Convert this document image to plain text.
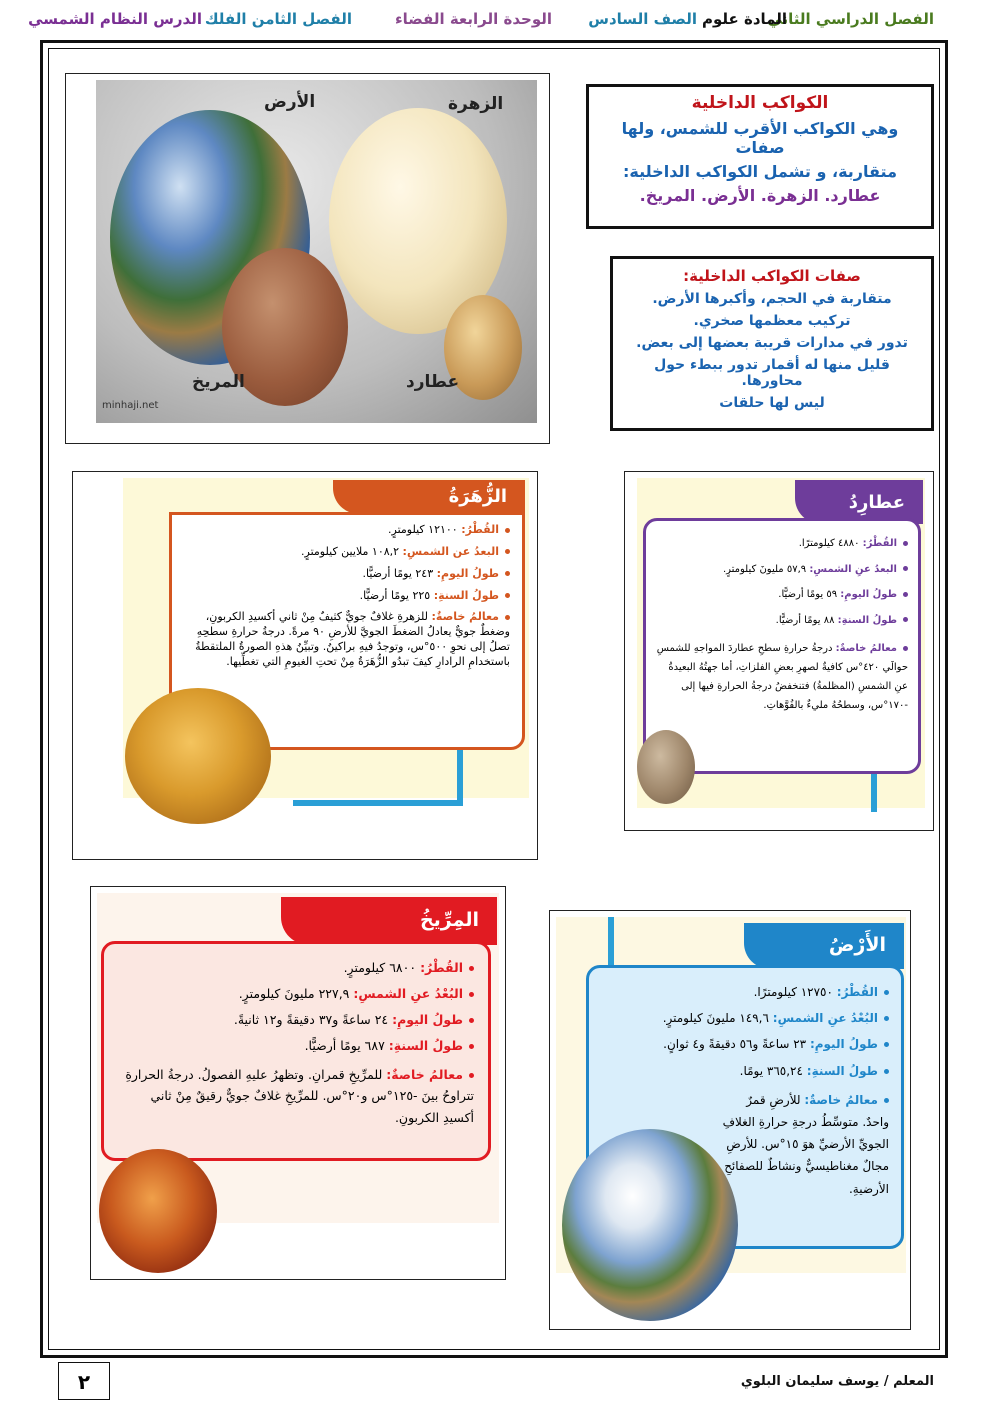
الفصل الدراسي الثاني
المادة علوم
الصف السادس
الوحدة الرابعة الفضاء
الفصل الثامن الفلك
الدرس النظام الشمسي
الكواكب الداخلية
وهي الكواكب الأقرب للشمس، ولها صفات
متقاربة، و تشمل الكواكب الداخلية:
عطارد. الزهرة. الأرض. المريخ.
صفات الكواكب الداخلية:
متقاربة في الحجم، وأكبرها الأرض.
تركيب معظمها صخري.
تدور في مدارات قريبة بعضها إلى بعض.
قليل منها له أقمار تدور ببطء حول محاورها.
ليس لها حلقات
الأرض	الزهرة
المريخ	عطارد
minhaji.net
الزُّهَرَةُ
القُطْرُ: ١٢١٠٠ كيلومترٍ.
البعدُ عن الشمسِ: ١٠٨,٢ ملايين كيلومترٍ.
طولُ اليومِ: ٢٤٣ يومًا أرضيًّا.
طولُ السنةِ: ٢٢٥ يومًا أرضيًّا.
معالمُ خاصةٌ: للزهرةِ غلافٌ جويٌّ كثيفٌ مِنْ ثاني أكسيدِ الكربونِ، وضغطٌ جويٌّ يعادلُ الضغطَ الجويَّ للأرضِ ٩٠ مرةً. درجةُ حرارةِ سطحِهِ تصلُ إلى نحوِ ٥٠٠°س، وتوجدُ فيهِ براكينُ. وتبيِّنُ هذهِ الصورةُ الملتقطةُ باستخدامِ الرادارِ كيفَ تبدُو الزُّهَرَةُ مِنْ تحتِ الغيومِ التي تغطِّيها.
عطارِدُ
القُطْرُ: ٤٨٨٠ كيلومترًا.
البعدُ عنِ الشمسِ: ٥٧,٩ مليونَ كيلومترٍ.
طولُ اليومِ: ٥٩ يومًا أرضيًّا.
طولُ السنةِ: ٨٨ يومًا أرضيًّا.
معالمُ خاصةٌ: درجةُ حرارةِ سطحِ عطاردَ المواجهِ للشمسِ حوالَي ٤٢٠°س كافيةٌ لصهرِ بعضِ الفلزاتِ، أما جهتُهُ البعيدةُ عنِ الشمسِ (المظلمةُ) فتنخفضُ درجةُ الحرارةِ فيها إلى -١٧٠°س، وسطحُهُ مليءٌ بالفُوَّهاتِ.
المِرِّيخُ
القُطْرُ: ٦٨٠٠ كيلومترٍ.
البُعْدُ عنِ الشمسِ: ٢٢٧,٩ مليونَ كيلومترٍ.
طولُ اليومِ: ٢٤ ساعةً و٣٧ دقيقةً و١٢ ثانيةً.
طولُ السنةِ: ٦٨٧ يومًا أرضيًّا.
معالمُ خاصةٌ: للمرِّيخِ قمرانِ. وتظهرُ عليهِ الفصولُ. درجةُ الحرارةِ تتراوحُ بينَ -١٢٥°س و٢٠°س. للمرِّيخِ غلافٌ جويٌّ رقيقٌ مِنْ ثاني أكسيدِ الكربونِ.
الأَرْضُ
القُطْرُ: ١٢٧٥٠ كيلومترًا.
البُعْدُ عنِ الشمسِ: ١٤٩,٦ مليونَ كيلومترٍ.
طولُ اليومِ: ٢٣ ساعةً و٥٦ دقيقةً و٤ ثوانٍ.
طولُ السنةِ: ٣٦٥,٢٤ يومًا.
معالمُ خاصةٌ: للأرضِ قمرٌ واحدٌ. متوسِّطُ درجةِ حرارةِ الغلافِ الجويِّ الأرضيِّ هوَ ١٥°س. للأرضِ مجالٌ مغناطيسيٌّ ونشاطٌ للصفائحِ الأرضيةِ.
٢	المعلم / يوسف سليمان البلوي
